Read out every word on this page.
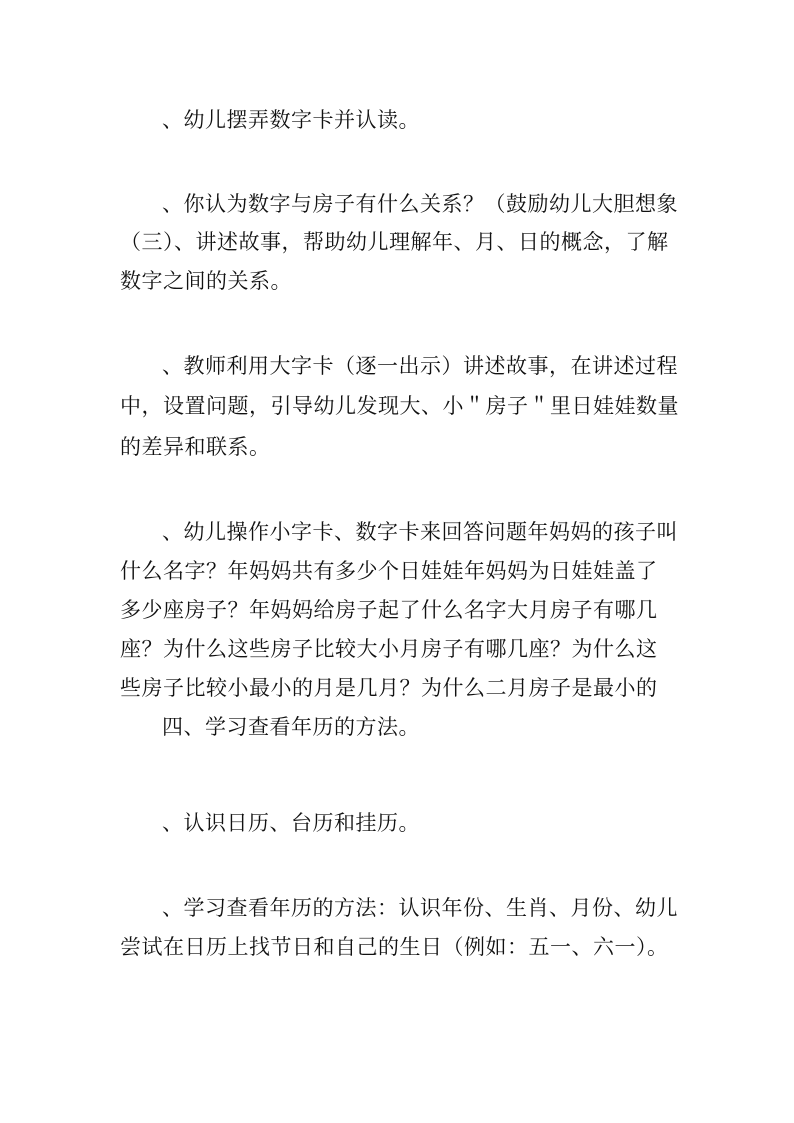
、幼儿摆弄数字卡并认读。
、你认为数字与房子有什么关系？（鼓励幼儿大胆想象
（三）、讲述故事，帮助幼儿理解年、月、日的概念，了解
数字之间的关系。
、教师利用大字卡（逐一出示）讲述故事，在讲述过程
中，设置问题，引导幼儿发现大、小＂房子＂里日娃娃数量
的差异和联系。
、幼儿操作小字卡、数字卡来回答问题年妈妈的孩子叫
什么名字？年妈妈共有多少个日娃娃年妈妈为日娃娃盖了
多少座房子？年妈妈给房子起了什么名字大月房子有哪几
座？为什么这些房子比较大小月房子有哪几座？为什么这
些房子比较小最小的月是几月？为什么二月房子是最小的
四、学习查看年历的方法。
、认识日历、台历和挂历。
、学习查看年历的方法：认识年份、生肖、月份、幼儿
尝试在日历上找节日和自己的生日（例如：五一、六一）。
